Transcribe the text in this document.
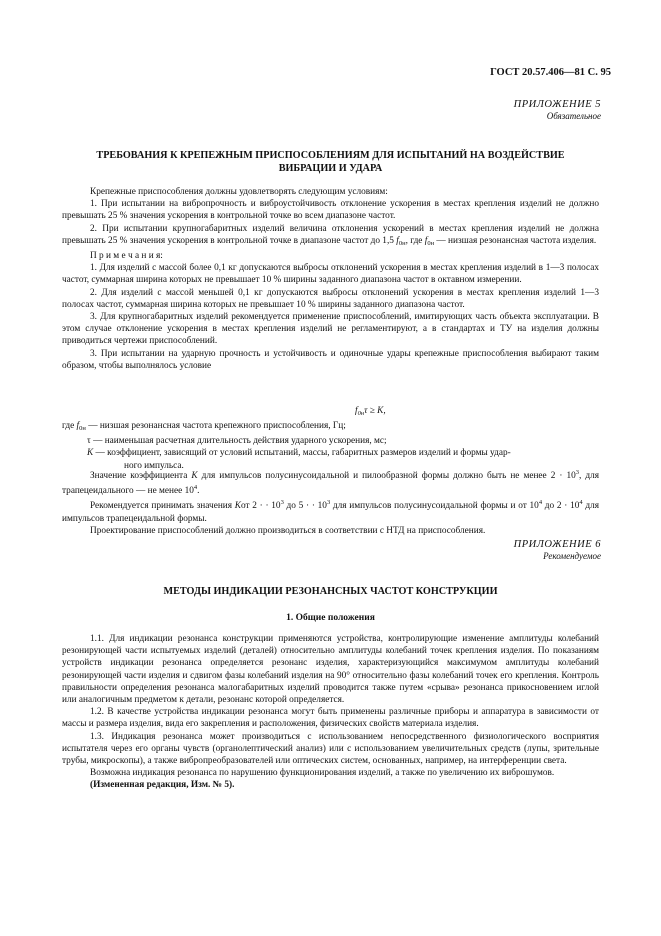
ГОСТ 20.57.406—81 С. 95
ПРИЛОЖЕНИЕ 5
Обязательное
ТРЕБОВАНИЯ К КРЕПЕЖНЫМ ПРИСПОСОБЛЕНИЯМ ДЛЯ ИСПЫТАНИЙ НА ВОЗДЕЙСТВИЕ
ВИБРАЦИИ И УДАРА

Крепежные приспособления должны удовлетворять следующим условиям:

1. При испытании на вибропрочность и виброустойчивость отклонение ускорения в местах крепления изделий не должно превышать 25 % значения ускорения в контрольной точке во всем диапазоне частот.

2. При испытании крупногабаритных изделий величина отклонения ускорений в местах крепления изделий не должна превышать 25 % значения ускорения в контрольной точке в диапазоне частот до 1,5 $f_{0н}$, где $f_{0н}$ — низшая резонансная частота изделия.

П р и м е ч а н и я:

1. Для изделий с массой более 0,1 кг допускаются выбросы отклонений ускорения в местах крепления изделий в 1—3 полосах частот, суммарная ширина которых не превышает 10 % ширины заданного диапазона частот в октавном измерении.

2. Для изделий с массой меньшей 0,1 кг допускаются выбросы отклонений ускорения в местах крепления изделий 1—3 полосах частот, суммарная ширина которых не превышает 10 % ширины заданного диапазона частот.

3. Для крупногабаритных изделий рекомендуется применение приспособлений, имитирующих часть объекта эксплуатации. В этом случае отклонение ускорения в местах крепления изделий не регламентируют, а в стандартах и ТУ на изделия должны приводиться чертежи приспособлений.

3. При испытании на ударную прочность и устойчивость и одиночные удары крепежные приспособления выбирают таким образом, чтобы выполнялось условие

$f_{0н}\tau \ge K$,

где $f_{0н}$ — низшая резонансная частота крепежного приспособления, Гц;

τ — наименьшая расчетная длительность действия ударного ускорения, мс;

K — коэффициент, зависящий от условий испытаний, массы, габаритных размеров изделий и формы удар-

ного импульса.

Значение коэффициента K для импульсов полусинусоидальной и пилообразной формы должно быть не менее $2 \cdot 10^3$, для трапецеидального — не менее $10^4$.

Рекомендуется принимать значения Kот 2 · · $10^3$ до 5 · · $10^3$ для импульсов полусинусоидальной формы и от $10^4$ до $2 \cdot 10^4$ для импульсов трапецеидальной формы.

Проектирование приспособлений должно производиться в соответствии с НТД на приспособления.

ПРИЛОЖЕНИЕ 6
Рекомендуемое
МЕТОДЫ ИНДИКАЦИИ РЕЗОНАНСНЫХ ЧАСТОТ КОНСТРУКЦИИ
1. Общие положения

1.1. Для индикации резонанса конструкции применяются устройства, контролирующие изменение амплитуды колебаний резонирующей части испытуемых изделий (деталей) относительно амплитуды колебаний точек крепления изделия. По показаниям устройств индикации резонанса определяется резонанс изделия, характеризующийся максимумом амплитуды колебаний резонирующей части изделия и сдвигом фазы колебаний изделия на 90° относительно фазы колебаний точек его крепления. Контроль правильности определения резонанса малогабаритных изделий проводится также путем «срыва» резонанса прикосновением иглой или аналогичным предметом к детали, резонанс которой определяется.

1.2. В качестве устройства индикации резонанса могут быть применены различные приборы и аппаратура в зависимости от массы и размера изделия, вида его закрепления и расположения, физических свойств материала изделия.

1.3. Индикация резонанса может производиться с использованием непосредственного физиологического восприятия испытателя через его органы чувств (органолептический анализ) или с использованием увеличительных средств (лупы, зрительные трубы, микроскопы), а также вибропреобразователей или оптических систем, основанных, например, на интерференции света.

Возможна индикация резонанса по нарушению функционирования изделий, а также по увеличению их виброшумов.

(Измененная редакция, Изм. № 5).
